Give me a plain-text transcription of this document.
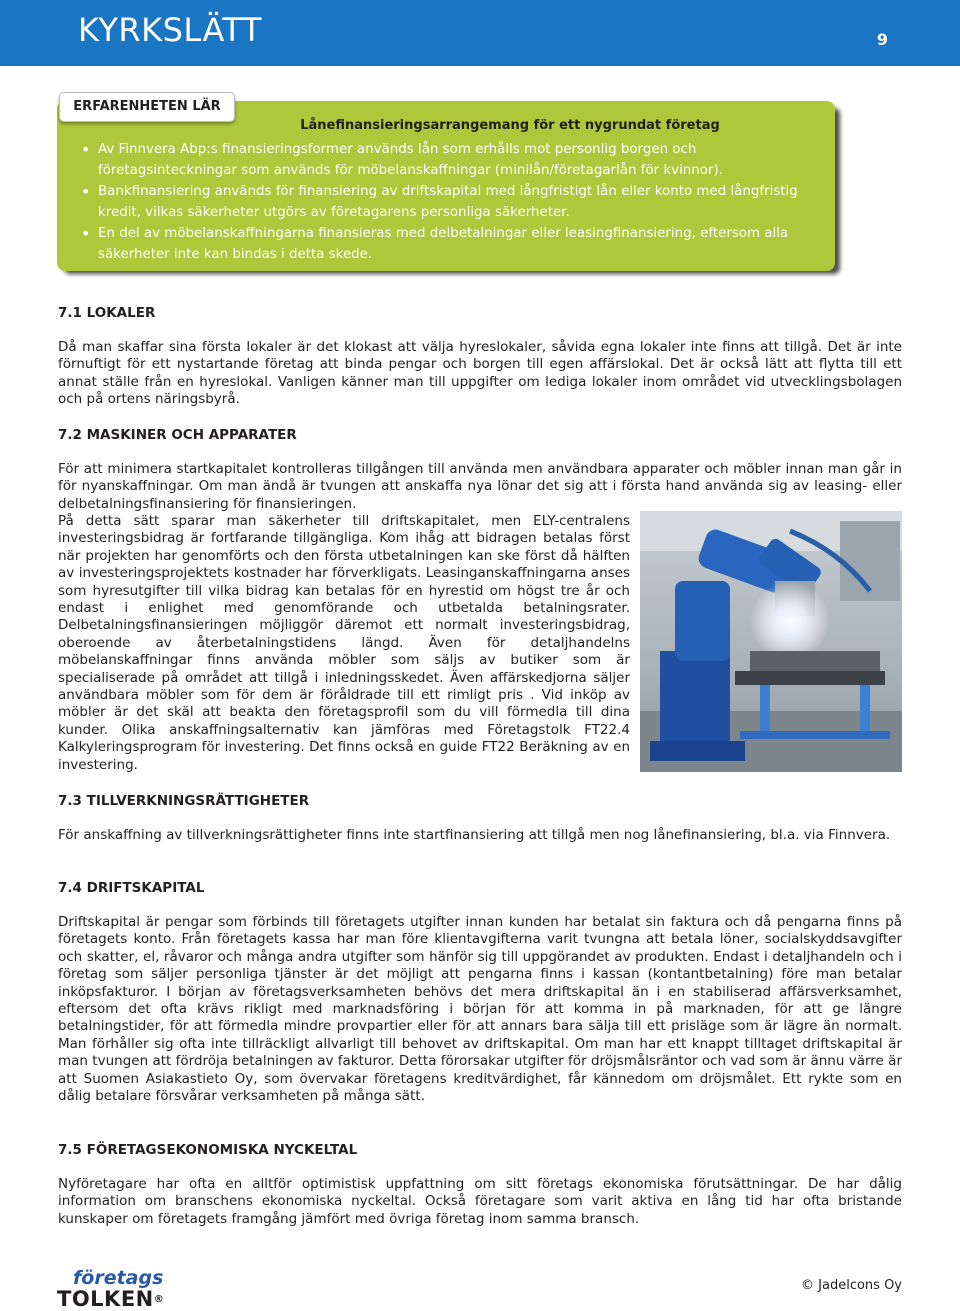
KYRKSLÄTT	9
ERFARENHETEN LÄR
Lånefinansieringsarrangemang för ett nygrundat företag
• Av Finnvera Abp:s finansieringsformer används lån som erhålls mot personlig borgen och företagsinteckningar som används för möbelanskaffningar (minilån/företagarlån för kvinnor).
• Bankfinansiering används för finansiering av driftskapital med långfristigt lån eller konto med långfristig kredit, vilkas säkerheter utgörs av företagarens personliga säkerheter.
• En del av möbelanskaffningarna finansieras med delbetalningar eller leasingfinansiering, eftersom alla säkerheter inte kan bindas i detta skede.
7.1 LOKALER

Då man skaffar sina första lokaler är det klokast att välja hyreslokaler, såvida egna lokaler inte finns att tillgå. Det är inte förnuftigt för ett nystartande företag att binda pengar och borgen till egen affärslokal. Det är också lätt att flytta till ett annat ställe från en hyreslokal. Vanligen känner man till uppgifter om lediga lokaler inom området vid utvecklingsbolagen och på ortens näringsbyrå.

7.2 MASKINER OCH APPARATER

För att minimera startkapitalet kontrolleras tillgången till använda men användbara apparater och möbler innan man går in för nyanskaffningar. Om man ändå är tvungen att anskaffa nya lönar det sig att i första hand använda sig av leasing- eller delbetalningsfinansiering för finansieringen.

På detta sätt sparar man säkerheter till driftskapitalet, men ELY-centralens investeringsbidrag är fortfarande tillgängliga. Kom ihåg att bidragen betalas först när projekten har genomförts och den första utbetalningen kan ske först då hälften av investeringsprojektets kostnader har förverkligats. Leasinganskaffningarna anses som hyresutgifter till vilka bidrag kan betalas för en hyrestid om högst tre år och endast i enlighet med genomförande och utbetalda betalningsrater. Delbetalningsfinansieringen möjliggör däremot ett normalt investeringsbidrag, oberoende av återbetalningstidens längd. Även för detaljhandelns möbelanskaffningar finns använda möbler som säljs av butiker som är specialiserade på området att tillgå i inledningsskedet. Även affärskedjorna säljer användbara möbler som för dem är föråldrade till ett rimligt pris . Vid inköp av möbler är det skäl att beakta den företagsprofil som du vill förmedla till dina kunder. Olika anskaffningsalternativ kan jämföras med Företagstolk FT22.4 Kalkyleringsprogram för investering. Det finns också en guide FT22 Beräkning av en investering.

7.3 TILLVERKNINGSRÄTTIGHETER

För anskaffning av tillverkningsrättigheter finns inte startfinansiering att tillgå men nog lånefinansiering, bl.a. via Finnvera.

7.4 DRIFTSKAPITAL

Driftskapital är pengar som förbinds till företagets utgifter innan kunden har betalat sin faktura och då pengarna finns på företagets konto. Från företagets kassa har man före klientavgifterna varit tvungna att betala löner, socialskyddsavgifter och skatter, el, råvaror och många andra utgifter som hänför sig till uppgörandet av produkten. Endast i detaljhandeln och i företag som säljer personliga tjänster är det möjligt att pengarna finns i kassan (kontantbetalning) före man betalar inköpsfakturor. I början av företagsverksamheten behövs det mera driftskapital än i en stabiliserad affärsverksamhet, eftersom det ofta krävs rikligt med marknadsföring i början för att komma in på marknaden, för att ge längre betalningstider, för att förmedla mindre provpartier eller för att annars bara sälja till ett prisläge som är lägre än normalt. Man förhåller sig ofta inte tillräckligt allvarligt till behovet av driftskapital. Om man har ett knappt tilltaget driftskapital är man tvungen att fördröja betalningen av fakturor. Detta förorsakar utgifter för dröjsmålsräntor och vad som är ännu värre är att Suomen Asiakastieto Oy, som övervakar företagens kreditvärdighet, får kännedom om dröjsmålet. Ett rykte som en dålig betalare försvårar verksamheten på många sätt.

7.5 FÖRETAGSEKONOMISKA NYCKELTAL

Nyföretagare har ofta en alltför optimistisk uppfattning om sitt företags ekonomiska förutsättningar. De har dålig information om branschens ekonomiska nyckeltal. Också företagare som varit aktiva en lång tid har ofta bristande kunskaper om företagets framgång jämfört med övriga företag inom samma bransch.

företags
TOLKEN®
© Jadelcons Oy
